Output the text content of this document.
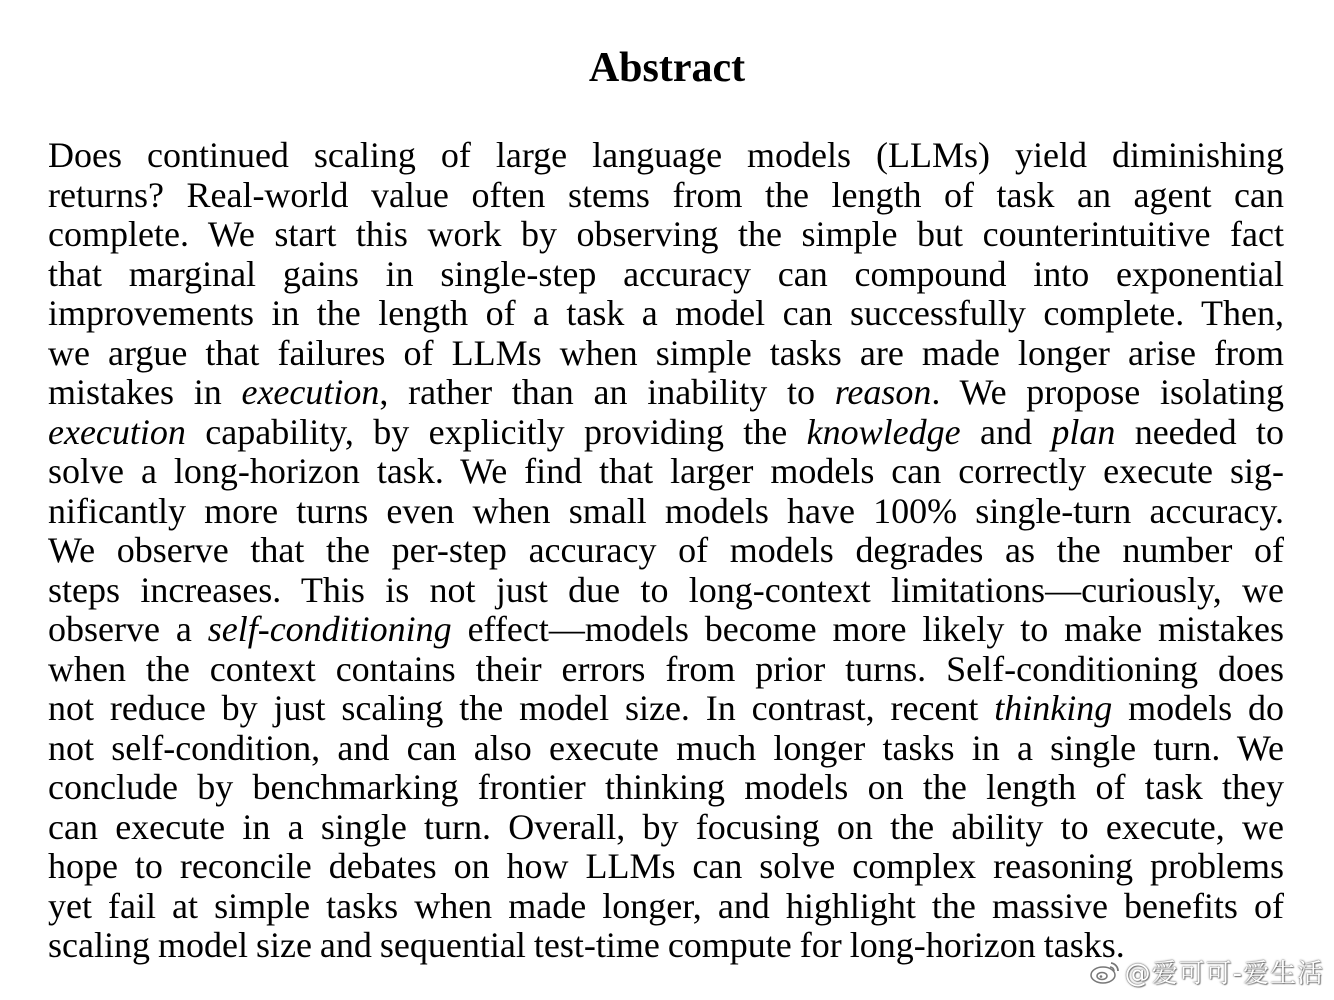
Abstract
Does continued scaling of large language models (LLMs) yield diminishing
returns? Real-world value often stems from the length of task an agent can
complete. We start this work by observing the simple but counterintuitive fact
that marginal gains in single-step accuracy can compound into exponential
improvements in the length of a task a model can successfully complete. Then,
we argue that failures of LLMs when simple tasks are made longer arise from
mistakes in execution, rather than an inability to reason. We propose isolating
execution capability, by explicitly providing the knowledge and plan needed to
solve a long-horizon task. We find that larger models can correctly execute sig-
nificantly more turns even when small models have 100% single-turn accuracy.
We observe that the per-step accuracy of models degrades as the number of
steps increases. This is not just due to long-context limitations—curiously, we
observe a self-conditioning effect—models become more likely to make mistakes
when the context contains their errors from prior turns. Self-conditioning does
not reduce by just scaling the model size. In contrast, recent thinking models do
not self-condition, and can also execute much longer tasks in a single turn. We
conclude by benchmarking frontier thinking models on the length of task they
can execute in a single turn. Overall, by focusing on the ability to execute, we
hope to reconcile debates on how LLMs can solve complex reasoning problems
yet fail at simple tasks when made longer, and highlight the massive benefits of
scaling model size and sequential test-time compute for long-horizon tasks.
@爱可可-爱生活
